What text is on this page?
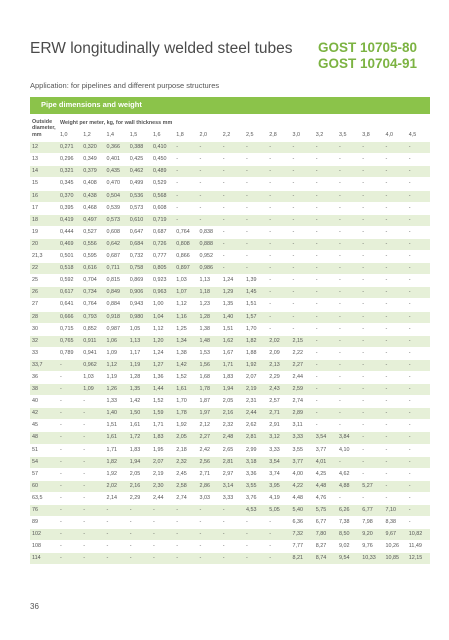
ERW longitudinally welded steel tubes GOST 10705-80
GOST 10704-91
Application: for pipelines and different purpose structures
Pipe dimensions and weight
Outside
diameter,
mm	Weight per meter, kg, for wall thickness mm															
	1,0	1,2	1,4	1,5	1,6	1,8	2,0	2,2	2,5	2,8	3,0	3,2	3,5	3,8	4,0	4,5
12	0,271	0,320	0,366	0,388	0,410	-	-	-	-	-	-	-	-	-	-	-
13	0,296	0,349	0,401	0,425	0,450	-	-	-	-	-	-	-	-	-	-	-
14	0,321	0,379	0,435	0,462	0,489	-	-	-	-	-	-	-	-	-	-	-
15	0,345	0,408	0,470	0,499	0,529	-	-	-	-	-	-	-	-	-	-	-
16	0,370	0,438	0,504	0,536	0,568	-	-	-	-	-	-	-	-	-	-	-
17	0,395	0,468	0,539	0,573	0,608	-	-	-	-	-	-	-	-	-	-	-
18	0,419	0,497	0,573	0,610	0,719	-	-	-	-	-	-	-	-	-	-	-
19	0,444	0,527	0,608	0,647	0,687	0,764	0,838	-	-	-	-	-	-	-	-	-
20	0,469	0,556	0,642	0,684	0,726	0,808	0,888	-	-	-	-	-	-	-	-	-
21,3	0,501	0,595	0,687	0,732	0,777	0,866	0,952	-	-	-	-	-	-	-	-	-
22	0,518	0,616	0,711	0,758	0,805	0,897	0,986	-	-	-	-	-	-	-	-	-
25	0,592	0,704	0,815	0,869	0,923	1,03	1,13	1,24	1,39	-	-	-	-	-	-	-
26	0,617	0,734	0,849	0,906	0,963	1,07	1,18	1,29	1,45	-	-	-	-	-	-	-
27	0,641	0,764	0,884	0,943	1,00	1,12	1,23	1,35	1,51	-	-	-	-	-	-	-
28	0,666	0,793	0,918	0,980	1,04	1,16	1,28	1,40	1,57	-	-	-	-	-	-	-
30	0,715	0,852	0,987	1,05	1,12	1,25	1,38	1,51	1,70	-	-	-	-	-	-	-
32	0,765	0,911	1,06	1,13	1,20	1,34	1,48	1,62	1,82	2,02	2,15	-	-	-	-	-
33	0,789	0,941	1,09	1,17	1,24	1,38	1,53	1,67	1,88	2,09	2,22	-	-	-	-	-
33,7	-	0,962	1,12	1,19	1,27	1,42	1,56	1,71	1,92	2,13	2,27	-	-	-	-	-
36	-	1,03	1,19	1,28	1,36	1,52	1,68	1,83	2,07	2,29	2,44	-	-	-	-	-
38	-	1,09	1,26	1,35	1,44	1,61	1,78	1,94	2,19	2,43	2,59	-	-	-	-	-
40	-	-	1,33	1,42	1,52	1,70	1,87	2,05	2,31	2,57	2,74	-	-	-	-	-
42	-	-	1,40	1,50	1,59	1,78	1,97	2,16	2,44	2,71	2,89	-	-	-	-	-
45	-	-	1,51	1,61	1,71	1,92	2,12	2,32	2,62	2,91	3,11	-	-	-	-	-
48	-	-	1,61	1,72	1,83	2,05	2,27	2,48	2,81	3,12	3,33	3,54	3,84	-	-	-
51	-	-	1,71	1,83	1,95	2,18	2,42	2,65	2,99	3,33	3,55	3,77	4,10	-	-	-
54	-	-	1,82	1,94	2,07	2,32	2,56	2,81	3,18	3,54	3,77	4,01	-	-	-	-
57	-	-	1,92	2,05	2,19	2,45	2,71	2,97	3,36	3,74	4,00	4,25	4,62	-	-	-
60	-	-	2,02	2,16	2,30	2,58	2,86	3,14	3,55	3,95	4,22	4,48	4,88	5,27	-	-
63,5	-	-	2,14	2,29	2,44	2,74	3,03	3,33	3,76	4,19	4,48	4,76	-	-	-	-
76	-	-	-	-	-	-	-	-	4,53	5,05	5,40	5,75	6,26	6,77	7,10	-
89	-	-	-	-	-	-	-	-	-	-	6,36	6,77	7,38	7,98	8,38	-
102	-	-	-	-	-	-	-	-	-	-	7,32	7,80	8,50	9,20	9,67	10,82
108	-	-	-	-	-	-	-	-	-	-	7,77	8,27	9,02	9,76	10,26	11,49
114	-	-	-	-	-	-	-	-	-	-	8,21	8,74	9,54	10,33	10,85	12,15
36
